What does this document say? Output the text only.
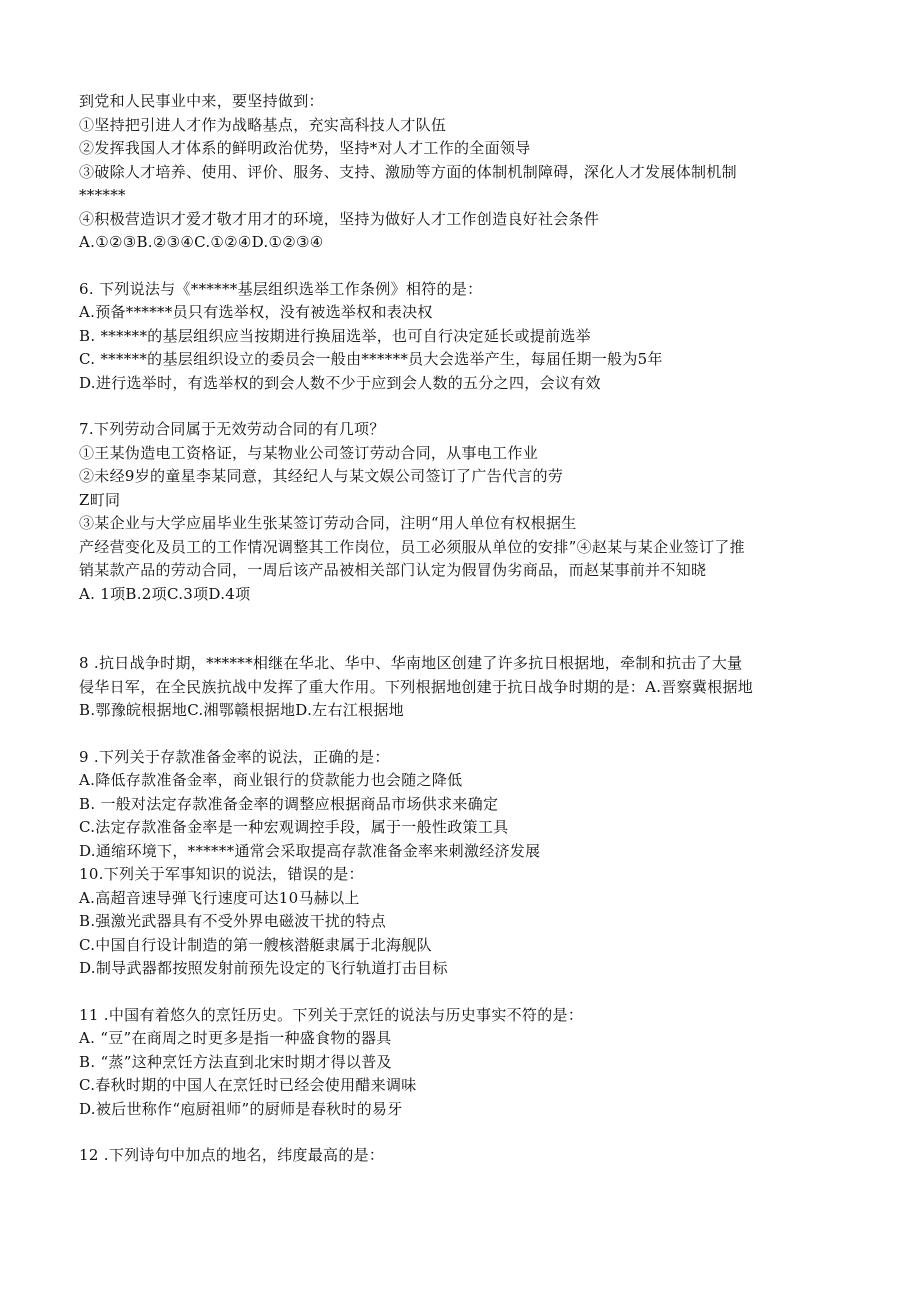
到党和人民事业中来，要坚持做到：
①坚持把引进人才作为战略基点，充实高科技人才队伍
②发挥我国人才体系的鲜明政治优势，坚持*对人才工作的全面领导
③破除人才培养、使用、评价、服务、支持、激励等方面的体制机制障碍，深化人才发展体制机制
******
④积极营造识才爱才敬才用才的环境，坚持为做好人才工作创造良好社会条件
A.①②③B.②③④C.①②④D.①②③④
6. 下列说法与《******基层组织选举工作条例》相符的是：
A.预备******员只有选举权，没有被选举权和表决权
B. ******的基层组织应当按期进行换届选举，也可自行决定延长或提前选举
C. ******的基层组织设立的委员会一般由******员大会选举产生，每届任期一般为5年
D.进行选举时，有选举权的到会人数不少于应到会人数的五分之四，会议有效
7.下列劳动合同属于无效劳动合同的有几项？
①王某伪造电工资格证，与某物业公司签订劳动合同，从事电工作业
②未经9岁的童星李某同意，其经纪人与某文娱公司签订了广告代言的劳
Z町同
③某企业与大学应届毕业生张某签订劳动合同，注明“用人单位有权根据生
产经营变化及员工的工作情况调整其工作岗位，员工必须服从单位的安排”④赵某与某企业签订了推
销某款产品的劳动合同，一周后该产品被相关部门认定为假冒伪劣商品，而赵某事前并不知晓
A. 1项B.2项C.3项D.4项
8 .抗日战争时期，******相继在华北、华中、华南地区创建了许多抗日根据地，牵制和抗击了大量
侵华日军，在全民族抗战中发挥了重大作用。下列根据地创建于抗日战争时期的是：A.晋察冀根据地
B.鄂豫皖根据地C.湘鄂赣根据地D.左右江根据地
9 .下列关于存款准备金率的说法，正确的是：
A.降低存款准备金率，商业银行的贷款能力也会随之降低
B. 一般对法定存款准备金率的调整应根据商品市场供求来确定
C.法定存款准备金率是一种宏观调控手段，属于一般性政策工具
D.通缩环境下，******通常会采取提高存款准备金率来刺激经济发展
10.下列关于军事知识的说法，错误的是：
A.高超音速导弹飞行速度可达10马赫以上
B.强激光武器具有不受外界电磁波干扰的特点
C.中国自行设计制造的第一艘核潜艇隶属于北海舰队
D.制导武器都按照发射前预先设定的飞行轨道打击目标
11 .中国有着悠久的烹饪历史。下列关于烹饪的说法与历史事实不符的是：
A. “豆”在商周之时更多是指一种盛食物的器具
B. “蒸”这种烹饪方法直到北宋时期才得以普及
C.春秋时期的中国人在烹饪时已经会使用醋来调味
D.被后世称作“庖厨祖师”的厨师是春秋时的易牙
12 .下列诗句中加点的地名，纬度最高的是：
